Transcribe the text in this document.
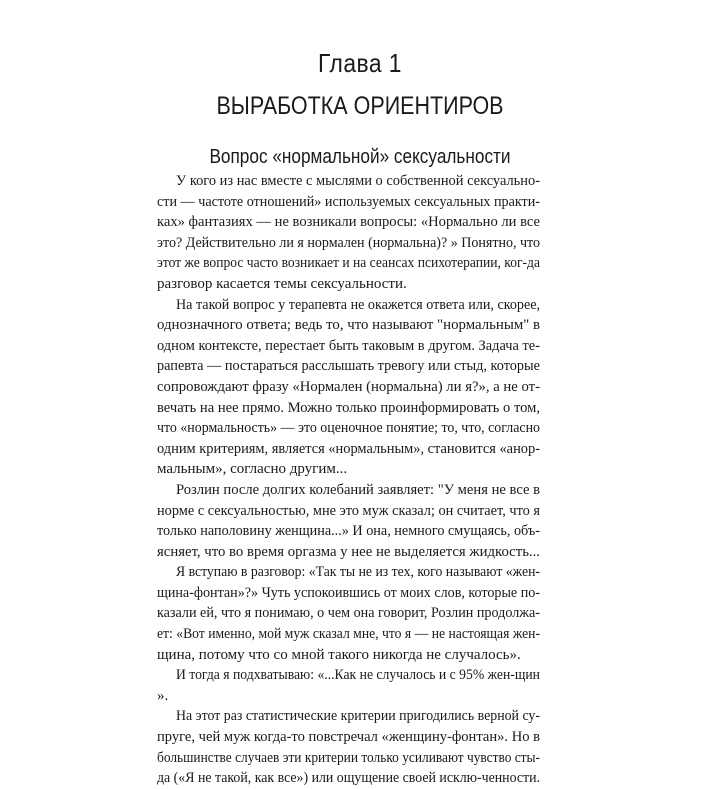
Глава 1
ВЫРАБОТКА ОРИЕНТИРОВ
Вопрос «нормальной» сексуальности
У кого из нас вместе с мыслями о собственной сексуально-
сти — частоте отношений» используемых сексуальных практи-
ках» фантазиях — не возникали вопросы: «Нормально ли все
это? Действительно ли я нормален (нормальна)? » Понятно, что
этот же вопрос часто возникает и на сеансах психотерапии, ког-да
разговор касается темы сексуальности.
На такой вопрос у терапевта не окажется ответа или, скорее,
однозначного ответа; ведь то, что называют "нормальным" в
одном контексте, перестает быть таковым в другом. Задача те-
рапевта — постараться расслышать тревогу или стыд, которые
сопровождают фразу «Нормален (нормальна) ли я?», а не от-
вечать на нее прямо. Можно только проинформировать о том,
что «нормальность» — это оценочное понятие; то, что, согласно
одним критериям, является «нормальным», становится «анор-
мальным», согласно другим...
Розлин после долгих колебаний заявляет: "У меня не все в
норме с сексуальностью, мне это муж сказал; он считает, что я
только наполовину женщина...» И она, немного смущаясь, объ-
ясняет, что во время оргазма у нее не выделяется жидкость...
Я вступаю в разговор: «Так ты не из тех, кого называют «жен-
щина-фонтан»?» Чуть успокоившись от моих слов, которые по-
казали ей, что я понимаю, о чем она говорит, Розлин продолжа-
ет: «Вот именно, мой муж сказал мне, что я — не настоящая жен-
щина, потому что со мной такого никогда не случалось».
И тогда я подхватываю: «...Как не случалось и с 95% жен-щин
».
На этот раз статистические критерии пригодились верной су-
пруге, чей муж когда-то повстречал «женщину-фонтан». Но в
большинстве случаев эти критерии только усиливают чувство сты-
да («Я не такой, как все») или ощущение своей исклю-ченности.
